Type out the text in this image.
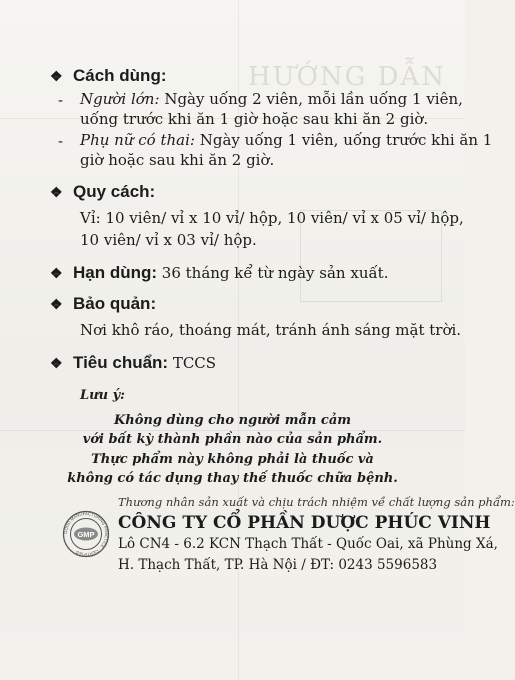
HƯỚNG DẪN
❖ Cách dùng:
- Người lớn: Ngày uống 2 viên, mỗi lần uống 1 viên,
uống trước khi ăn 1 giờ hoặc sau khi ăn 2 giờ.
- Phụ nữ có thai: Ngày uống 1 viên, uống trước khi ăn 1
giờ hoặc sau khi ăn 2 giờ.
❖ Quy cách:
Vỉ: 10 viên/ vỉ x 10 vỉ/ hộp, 10 viên/ vỉ x 05 vỉ/ hộp,
10 viên/ vỉ x 03 vỉ/ hộp.
❖ Hạn dùng: 36 tháng kể từ ngày sản xuất.
❖ Bảo quản:
Nơi khô ráo, thoáng mát, tránh ánh sáng mặt trời.
❖ Tiêu chuẩn: TCCS
Lưu ý:
Không dùng cho người mẫn cảm
với bất kỳ thành phần nào của sản phẩm.
Thực phẩm này không phải là thuốc và
không có tác dụng thay thế thuốc chữa bệnh.
Thương nhân sản xuất và chịu trách nhiệm về chất lượng sản phẩm:
GOOD MANUFACTURING PRACTICE · CERTIFIED
GMP
CÔNG TY CỔ PHẦN DƯỢC PHÚC VINH
Lô CN4 - 6.2 KCN Thạch Thất - Quốc Oai, xã Phùng Xá,
H. Thạch Thất, TP. Hà Nội / ĐT: 0243 5596583
